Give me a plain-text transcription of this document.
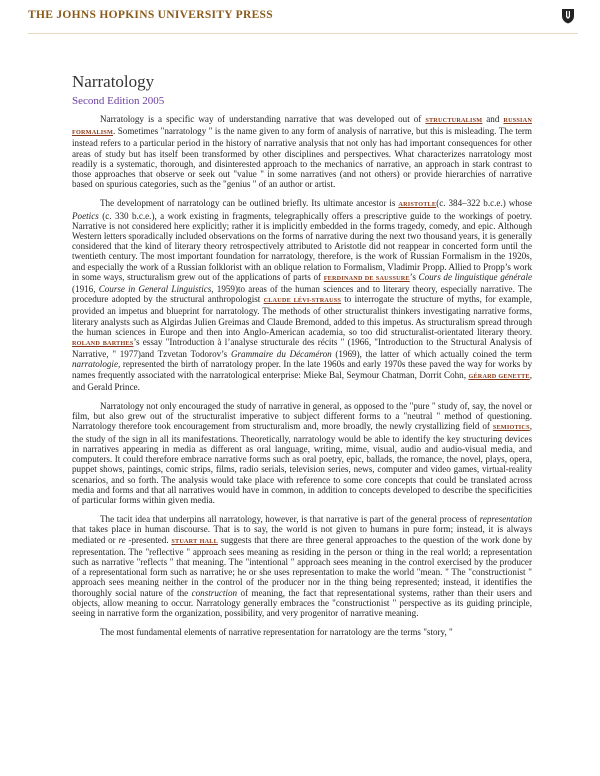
THE JOHNS HOPKINS UNIVERSITY PRESS
Narratology
Second Edition 2005

Narratology is a specific way of understanding narrative that was developed out of STRUCTURALISM and RUSSIAN FORMALISM. Sometimes "narratology " is the name given to any form of analysis of narrative, but this is misleading. The term instead refers to a particular period in the history of narrative analysis that not only has had important consequences for other areas of study but has itself been transformed by other disciplines and perspectives. What characterizes narratology most readily is a systematic, thorough, and disinterested approach to the mechanics of narrative, an approach in stark contrast to those approaches that observe or seek out "value " in some narratives (and not others) or provide hierarchies of narrative based on spurious categories, such as the "genius " of an author or artist.

The development of narratology can be outlined briefly. Its ultimate ancestor is ARISTOTLE(c. 384–322 b.c.e.) whose Poetics (c. 330 b.c.e.), a work existing in fragments, telegraphically offers a prescriptive guide to the workings of poetry. Narrative is not considered here explicitly; rather it is implicitly embedded in the forms tragedy, comedy, and epic. Although Western letters sporadically included observations on the forms of narrative during the next two thousand years, it is generally considered that the kind of literary theory retrospectively attributed to Aristotle did not reappear in concerted form until the twentieth century. The most important foundation for narratology, therefore, is the work of Russian Formalism in the 1920s, and especially the work of a Russian folklorist with an oblique relation to Formalism, Vladimir Propp. Allied to Propp’s work in some ways, structuralism grew out of the applications of parts of FERDINAND DE SAUSSURE’s Cours de linguistique générale (1916, Course in General Linguistics, 1959)to areas of the human sciences and to literary theory, especially narrative. The procedure adopted by the structural anthropologist CLAUDE LÉVI-STRAUSS to interrogate the structure of myths, for example, provided an impetus and blueprint for narratology. The methods of other structuralist thinkers investigating narrative forms, literary analysts such as Algirdas Julien Greimas and Claude Bremond, added to this impetus. As structuralism spread through the human sciences in Europe and then into Anglo-American academia, so too did structuralist-orientated literary theory. ROLAND BARTHES’s essay "Introduction à l’analyse structurale des récits " (1966, "Introduction to the Structural Analysis of Narrative, " 1977)and Tzvetan Todorov’s Grammaire du Décaméron (1969), the latter of which actually coined the term narratologie, represented the birth of narratology proper. In the late 1960s and early 1970s these paved the way for works by names frequently associated with the narratological enterprise: Mieke Bal, Seymour Chatman, Dorrit Cohn, GÉRARD GENETTE, and Gerald Prince.

Narratology not only encouraged the study of narrative in general, as opposed to the "pure " study of, say, the novel or film, but also grew out of the structuralist imperative to subject different forms to a "neutral " method of questioning. Narratology therefore took encouragement from structuralism and, more broadly, the newly crystallizing field of SEMIOTICS, the study of the sign in all its manifestations. Theoretically, narratology would be able to identify the key structuring devices in narratives appearing in media as different as oral language, writing, mime, visual, audio and audio-visual media, and computers. It could therefore embrace narrative forms such as oral poetry, epic, ballads, the romance, the novel, plays, opera, puppet shows, paintings, comic strips, films, radio serials, television series, news, computer and video games, virtual-reality scenarios, and so forth. The analysis would take place with reference to some core concepts that could be translated across media and forms and that all narratives would have in common, in addition to concepts developed to describe the specificities of particular forms within given media.

The tacit idea that underpins all narratology, however, is that narrative is part of the general process of representation that takes place in human discourse. That is to say, the world is not given to humans in pure form; instead, it is always mediated or re -presented. STUART HALL suggests that there are three general approaches to the question of the work done by representation. The "reflective " approach sees meaning as residing in the person or thing in the real world; a representation such as narrative "reflects " that meaning. The "intentional " approach sees meaning in the control exercised by the producer of a representational form such as narrative; he or she uses representation to make the world "mean. " The "constructionist " approach sees meaning neither in the control of the producer nor in the thing being represented; instead, it identifies the thoroughly social nature of the construction of meaning, the fact that representational systems, rather than their users and objects, allow meaning to occur. Narratology generally embraces the "constructionist " perspective as its guiding principle, seeing in narrative form the organization, possibility, and very progenitor of narrative meaning.

The most fundamental elements of narrative representation for narratology are the terms "story, "
